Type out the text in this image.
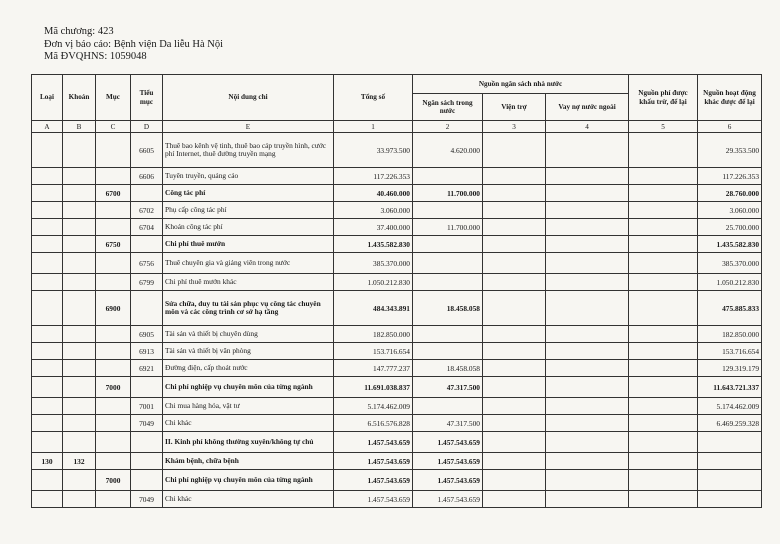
Mã chương: 423
Đơn vị báo cáo: Bệnh viện Da liễu Hà Nội
Mã ĐVQHNS: 1059048
Loại	Khoản	Mục	Tiểu mục	Nội dung chi	Tổng số	Nguồn ngân sách nhà nước			Nguồn phí được khấu trừ, để lại	Nguồn hoạt động khác được để lại
						Ngân sách trong nước	Viện trợ	Vay nợ nước ngoài		
A	B	C	D	E	1	2	3	4	5	6
			6605	Thuê bao kênh vệ tinh, thuê bao cáp truyền hình, cước phí Internet, thuê đường truyền mạng	33.973.500	4.620.000				29.353.500
			6606	Tuyên truyền, quảng cáo	117.226.353					117.226.353
		6700		Công tác phí	40.460.000	11.700.000				28.760.000
			6702	Phụ cấp công tác phí	3.060.000					3.060.000
			6704	Khoán công tác phí	37.400.000	11.700.000				25.700.000
		6750		Chi phí thuê mướn	1.435.582.830					1.435.582.830
			6756	Thuê chuyên gia và giảng viên trong nước	385.370.000					385.370.000
			6799	Chi phí thuê mướn khác	1.050.212.830					1.050.212.830
		6900		Sửa chữa, duy tu tài sản phục vụ công tác chuyên môn và các công trình cơ sở hạ tầng	484.343.891	18.458.058				475.885.833
			6905	Tài sản và thiết bị chuyên dùng	182.850.000					182.850.000
			6913	Tài sản và thiết bị văn phòng	153.716.654					153.716.654
			6921	Đường điện, cấp thoát nước	147.777.237	18.458.058				129.319.179
		7000		Chi phí nghiệp vụ chuyên môn của từng ngành	11.691.038.837	47.317.500				11.643.721.337
			7001	Chi mua hàng hóa, vật tư	5.174.462.009					5.174.462.009
			7049	Chi khác	6.516.576.828	47.317.500				6.469.259.328
				II. Kinh phí không thường xuyên/không tự chủ	1.457.543.659	1.457.543.659				
130	132			Khám bệnh, chữa bệnh	1.457.543.659	1.457.543.659				
		7000		Chi phí nghiệp vụ chuyên môn của từng ngành	1.457.543.659	1.457.543.659				
			7049	Chi khác	1.457.543.659	1.457.543.659				
